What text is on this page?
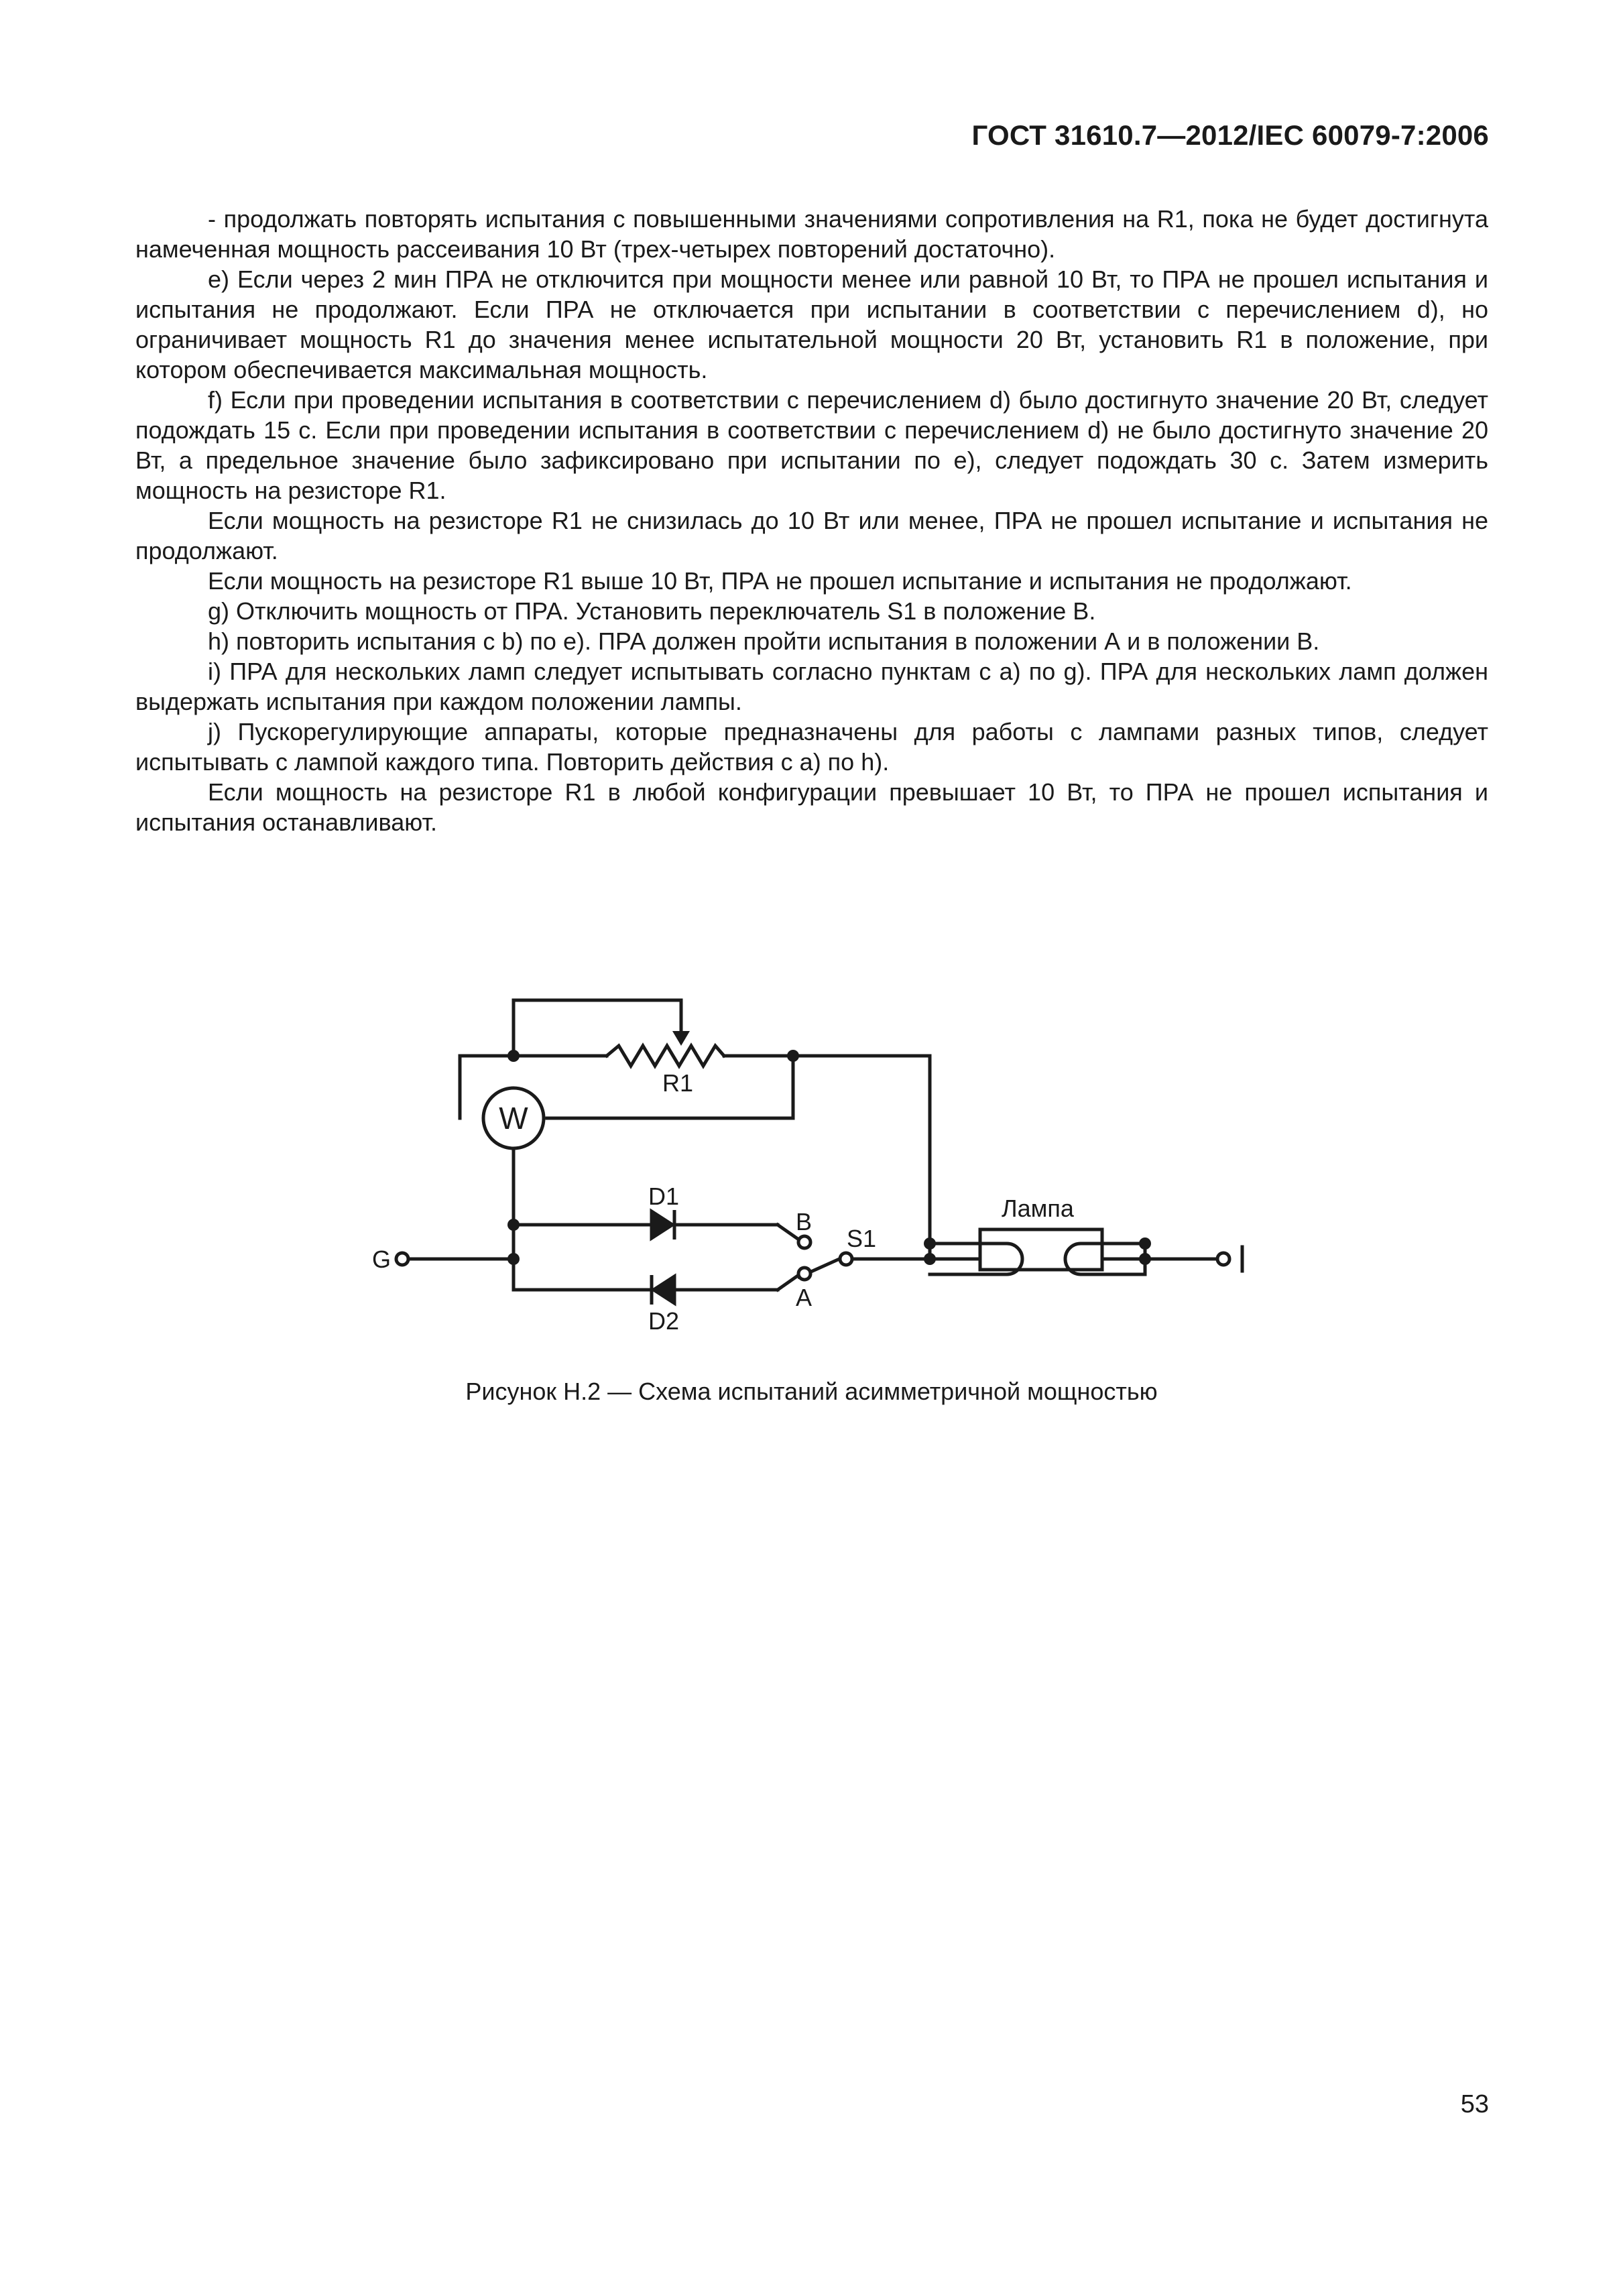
ГОСТ 31610.7—2012/IEC 60079-7:2006

- продолжать повторять испытания с повышенными значениями сопротивления на R1, пока не будет достигнута намеченная мощность рассеивания 10 Вт (трех-четырех повторений достаточно).

e) Если через 2 мин ПРА не отключится при мощности менее или равной 10 Вт, то ПРА не прошел испытания и испытания не продолжают. Если ПРА не отключается при испытании в соответствии с перечислением d), но ограничивает мощность R1 до значения менее испытательной мощности 20 Вт, установить R1 в положение, при котором обеспечивается максимальная мощность.

f) Если при проведении испытания в соответствии с перечислением d) было достигнуто значение 20 Вт, следует подождать 15 с. Если при проведении испытания в соответствии с перечислением d) не было достигнуто значение 20 Вт, а предельное значение было зафиксировано при испытании по e), следует подождать 30 с. Затем измерить мощность на резисторе R1.

Если мощность на резисторе R1 не снизилась до 10 Вт или менее, ПРА не прошел испытание и испытания не продолжают.

Если мощность на резисторе R1 выше 10 Вт, ПРА не прошел испытание и испытания не продолжают.

g) Отключить мощность от ПРА. Установить переключатель S1 в положение B.

h) повторить испытания с b) по e). ПРА должен пройти испытания в положении А и в положении В.

i) ПРА для нескольких ламп следует испытывать согласно пунктам с а) по g). ПРА для нескольких ламп должен выдержать испытания при каждом положении лампы.

j) Пускорегулирующие аппараты, которые предназначены для работы с лампами разных типов, следует испытывать с лампой каждого типа. Повторить действия с а) по h).

Если мощность на резисторе R1 в любой конфигурации превышает 10 Вт, то ПРА не прошел испытания и испытания останавливают.

R1
W
D1
D2
B
A
S1
Лампа
G
Рисунок Н.2 — Схема испытаний асимметричной мощностью
53
